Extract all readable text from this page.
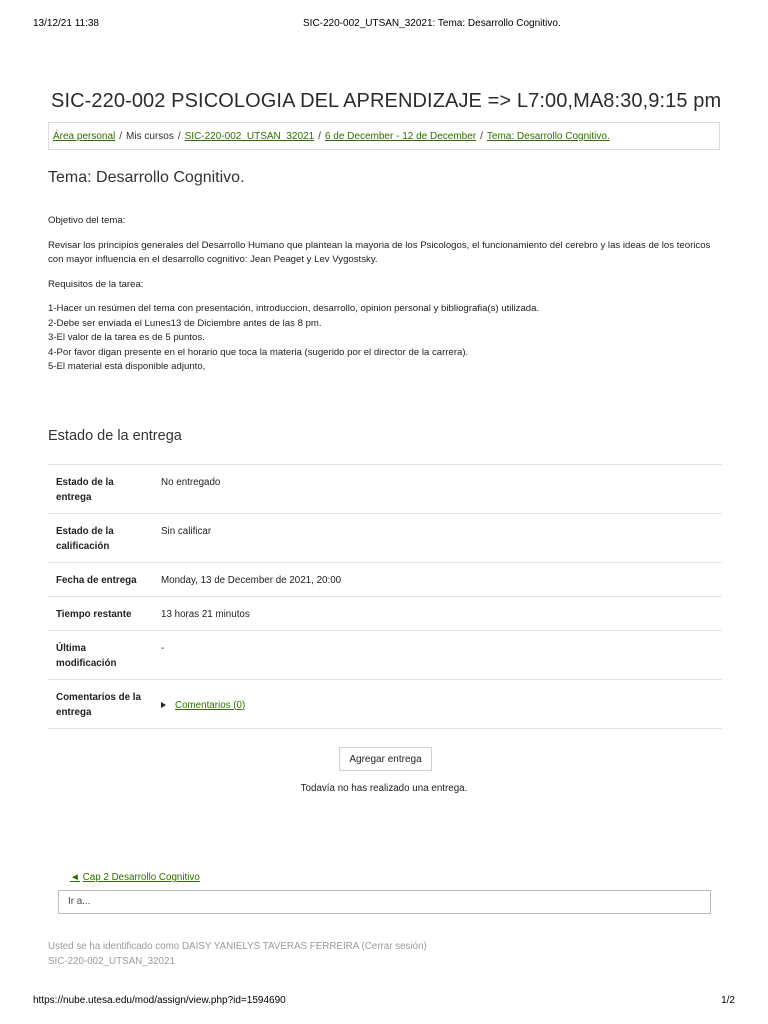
13/12/21 11:38	SIC-220-002_UTSAN_32021: Tema: Desarrollo Cognitivo.
SIC-220-002 PSICOLOGIA DEL APRENDIZAJE => L7:00,MA8:30,9:15 pm
Área personal / Mis cursos / SIC-220-002_UTSAN_32021 / 6 de December - 12 de December / Tema: Desarrollo Cognitivo.
Tema: Desarrollo Cognitivo.

Objetivo del tema:

Revisar los principios generales del Desarrollo Humano que plantean la mayoria de los Psicologos, el funcionamiento del cerebro y las ideas de los teoricos con mayor influencia en el desarrollo cognitivo: Jean Peaget y Lev Vygostsky.

Requisitos de la tarea:

1-Hacer un resúmen del tema con presentación, introduccion, desarrollo, opinion personal y bibliografia(s) utilizada.

2-Debe ser enviada el Lunes13 de Diciembre antes de las 8 pm.

3-El valor de la tarea es de 5 puntos.

4-Por favor digan presente en el horario que toca la materia (sugerido por el director de la carrera).

5-El material está disponible adjunto,

Estado de la entrega
Estado de la entrega	No entregado
Estado de la calificación	Sin calificar
Fecha de entrega	Monday, 13 de December de 2021, 20:00
Tiempo restante	13 horas 21 minutos
Última modificación	-
Comentarios de la entrega	Comentarios (0)
Agregar entrega
Todavía no has realizado una entrega.
◄ Cap 2 Desarrollo Cognitivo
Ir a...

Usted se ha identificado como DAISY YANIELYS TAVERAS FERREIRA (Cerrar sesión)

SIC-220-002_UTSAN_32021

https://nube.utesa.edu/mod/assign/view.php?id=1594690	1/2
